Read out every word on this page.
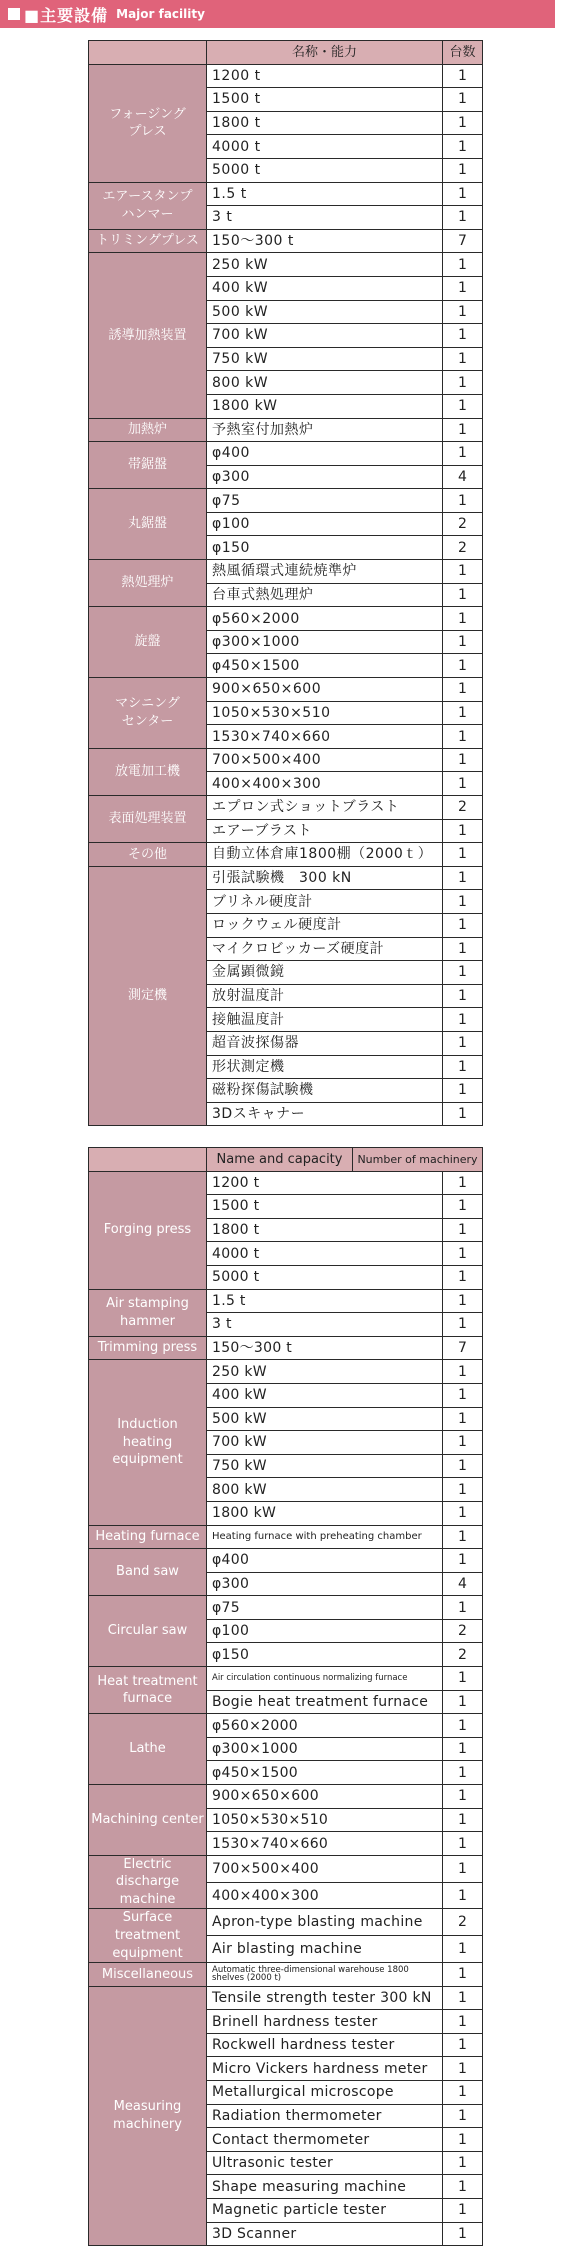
■主要設備 Major facility
	名称・能力	台数
フォージング
プレス	1200 t	1
	1500 t	1
	1800 t	1
	4000 t	1
	5000 t	1
エアースタンプ
ハンマー	1.5 t	1
	3 t	1
トリミングプレス	150～300 t	7
誘導加熱装置	250 kW	1
	400 kW	1
	500 kW	1
	700 kW	1
	750 kW	1
	800 kW	1
	1800 kW	1
加熱炉	予熱室付加熱炉	1
帯鋸盤	φ400	1
	φ300	4
丸鋸盤	φ75	1
	φ100	2
	φ150	2
熱処理炉	熱風循環式連続焼準炉	1
	台車式熱処理炉	1
旋盤	φ560×2000	1
	φ300×1000	1
	φ450×1500	1
マシニング
センター	900×650×600	1
	1050×530×510	1
	1530×740×660	1
放電加工機	700×500×400	1
	400×400×300	1
表面処理装置	エプロン式ショットブラスト	2
	エアーブラスト	1
その他	自動立体倉庫1800棚（2000ｔ）	1
測定機	引張試験機　300 kN	1
	ブリネル硬度計	1
	ロックウェル硬度計	1
	マイクロビッカーズ硬度計	1
	金属顕微鏡	1
	放射温度計	1
	接触温度計	1
	超音波探傷器	1
	形状測定機	1
	磁粉探傷試験機	1
	3Dスキャナー	1
	Name and capacity	Number of machinery	
Forging press	1200 t		1
	1500 t		1
	1800 t		1
	4000 t		1
	5000 t		1
Air stamping
hammer	1.5 t		1
	3 t		1
Trimming press	150～300 t		7
Induction heating
equipment	250 kW		1
	400 kW		1
	500 kW		1
	700 kW		1
	750 kW		1
	800 kW		1
	1800 kW		1
Heating furnace	Heating furnace with preheating chamber		1
Band saw	φ400		1
	φ300		4
Circular saw	φ75		1
	φ100		2
	φ150		2
Heat treatment
furnace	Air circulation continuous normalizing furnace		1
	Bogie heat treatment furnace		1
Lathe	φ560×2000		1
	φ300×1000		1
	φ450×1500		1
Machining center	900×650×600		1
	1050×530×510		1
	1530×740×660		1
Electric discharge
machine	700×500×400		1
	400×400×300		1
Surface treatment
equipment	Apron-type blasting machine		2
	Air blasting machine		1
Miscellaneous	Automatic three-dimensional warehouse 1800 shelves (2000 t)		1
Measuring
machinery	Tensile strength tester 300 kN		1
	Brinell hardness tester		1
	Rockwell hardness tester		1
	Micro Vickers hardness meter		1
	Metallurgical microscope		1
	Radiation thermometer		1
	Contact thermometer		1
	Ultrasonic tester		1
	Shape measuring machine		1
	Magnetic particle tester		1
	3D Scanner		1
